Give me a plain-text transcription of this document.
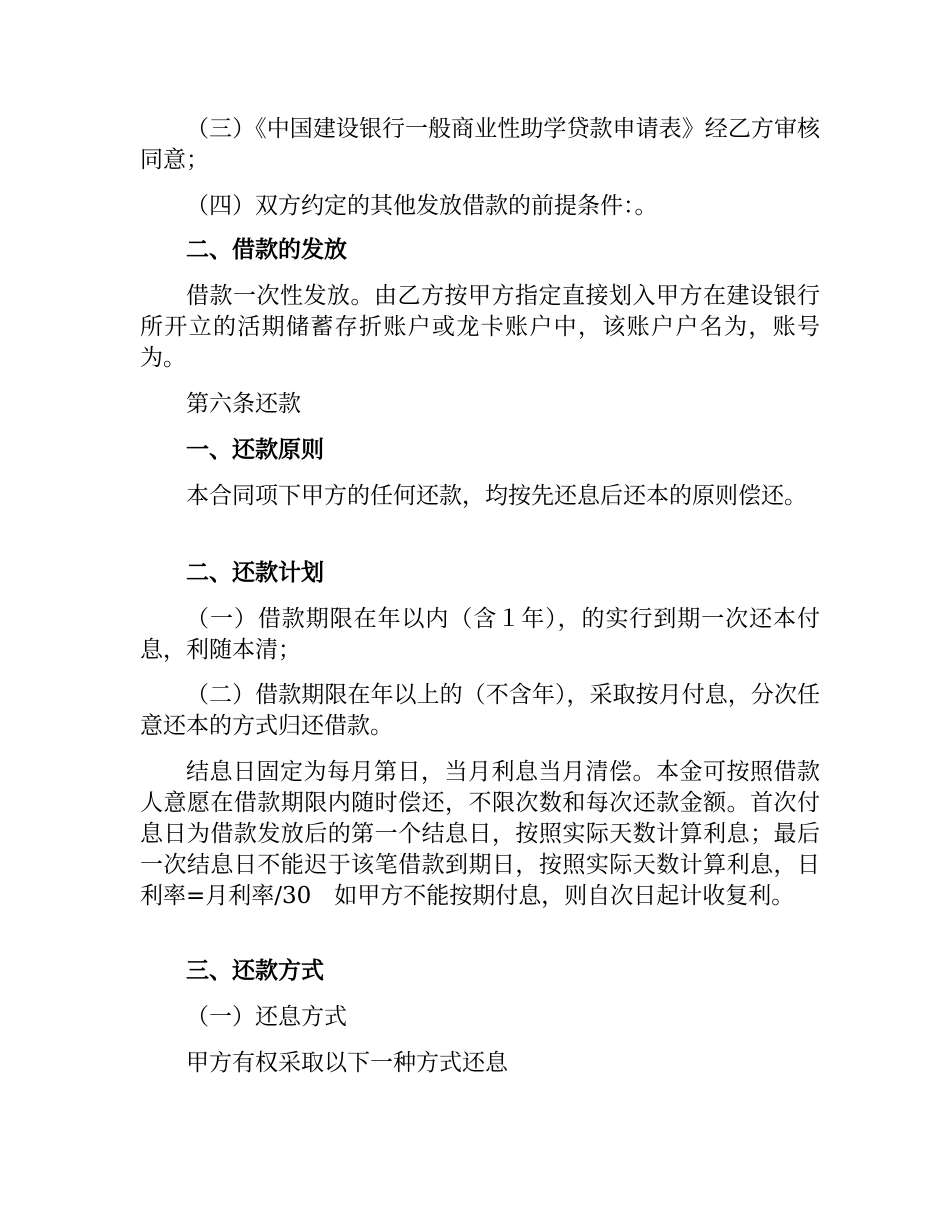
（三）《中国建设银行一般商业性助学贷款申请表》经乙方审核同意；

（四）双方约定的其他发放借款的前提条件：。

二、借款的发放

借款一次性发放。由乙方按甲方指定直接划入甲方在建设银行所开立的活期储蓄存折账户或龙卡账户中，该账户户名为，账号为。

第六条还款

一、还款原则

本合同项下甲方的任何还款，均按先还息后还本的原则偿还。

二、还款计划

（一）借款期限在年以内（含１年），的实行到期一次还本付息，利随本清；

（二）借款期限在年以上的（不含年），采取按月付息，分次任意还本的方式归还借款。

结息日固定为每月第日，当月利息当月清偿。本金可按照借款人意愿在借款期限内随时偿还，不限次数和每次还款金额。首次付息日为借款发放后的第一个结息日，按照实际天数计算利息；最后一次结息日不能迟于该笔借款到期日，按照实际天数计算利息，日利率=月利率/30　如甲方不能按期付息，则自次日起计收复利。

三、还款方式

（一）还息方式

甲方有权采取以下一种方式还息
